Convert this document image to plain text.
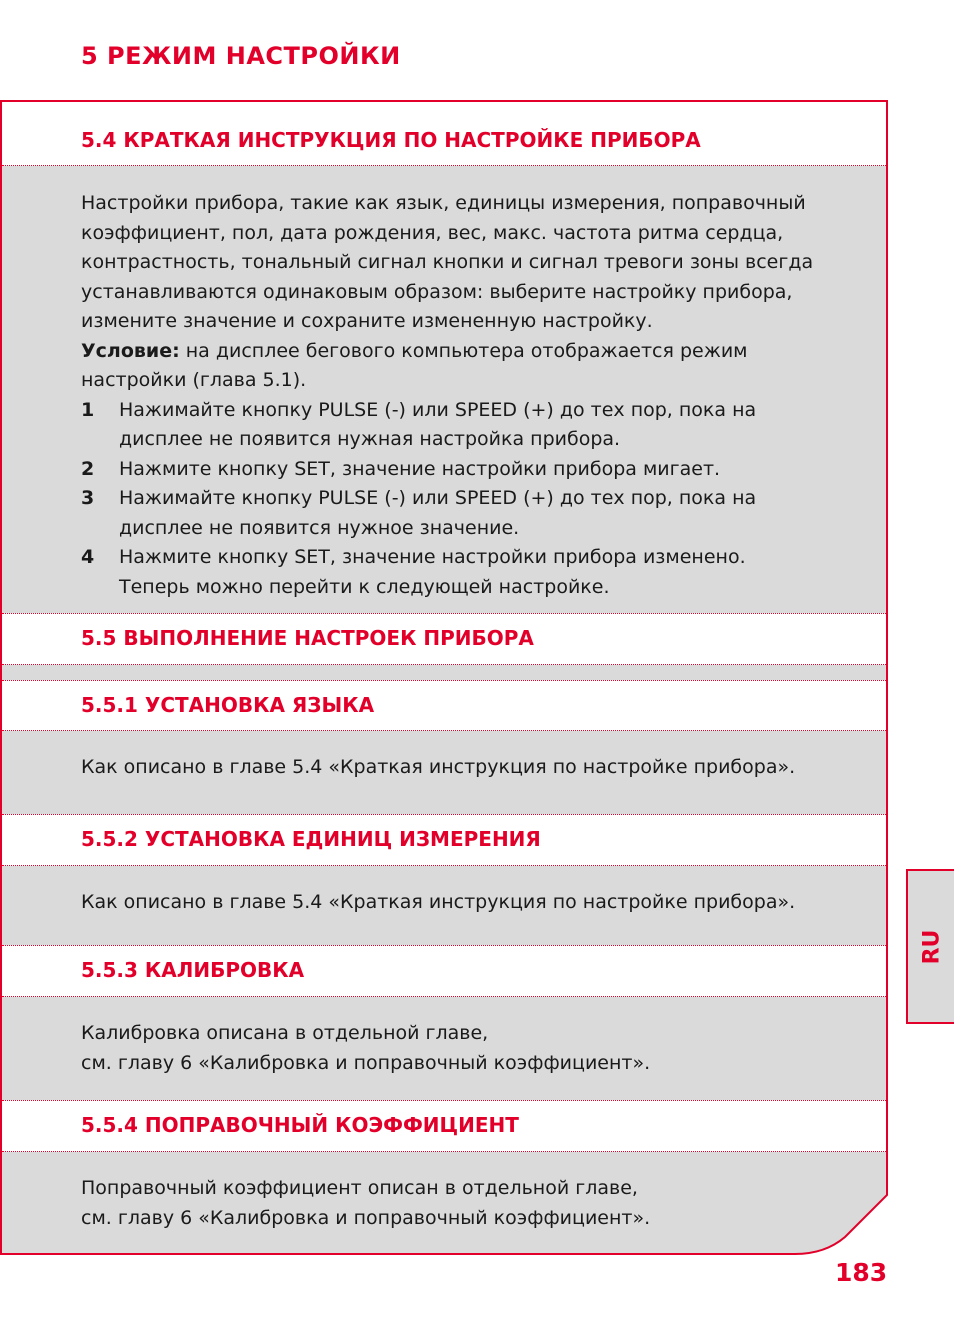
5 РЕЖИМ НАСТРОЙКИ
5.4 КРАТКАЯ ИНСТРУКЦИЯ ПО НАСТРОЙКЕ ПРИБОРА
Настройки прибора, такие как язык, единицы измерения, поправочный
коэффициент, пол, дата рождения, вес, макс. частота ритма сердца,
контрастность, тональный сигнал кнопки и сигнал тревоги зоны всегда
устанавливаются одинаковым образом: выберите настройку прибора,
измените значение и сохраните измененную настройку.
Условие: на дисплее бегового компьютера отображается режим
настройки (глава 5.1).
1 Нажимайте кнопку PULSE (-) или SPEED (+) до тех пор, пока на
дисплее не появится нужная настройка прибора.
2 Нажмите кнопку SET, значение настройки прибора мигает.
3 Нажимайте кнопку PULSE (-) или SPEED (+) до тех пор, пока на
дисплее не появится нужное значение.
4 Нажмите кнопку SET, значение настройки прибора изменено.
Теперь можно перейти к следующей настройке.
5.5 ВЫПОЛНЕНИЕ НАСТРОЕК ПРИБОРА
5.5.1 УСТАНОВКА ЯЗЫКА
Как описано в главе 5.4 «Краткая инструкция по настройке прибора».
5.5.2 УСТАНОВКА ЕДИНИЦ ИЗМЕРЕНИЯ
Как описано в главе 5.4 «Краткая инструкция по настройке прибора».
5.5.3 КАЛИБРОВКА
Калибровка описана в отдельной главе,
см. главу 6 «Калибровка и поправочный коэффициент».
5.5.4 ПОПРАВОЧНЫЙ КОЭФФИЦИЕНТ
Поправочный коэффициент описан в отдельной главе,
см. главу 6 «Калибровка и поправочный коэффициент».
RU
183
